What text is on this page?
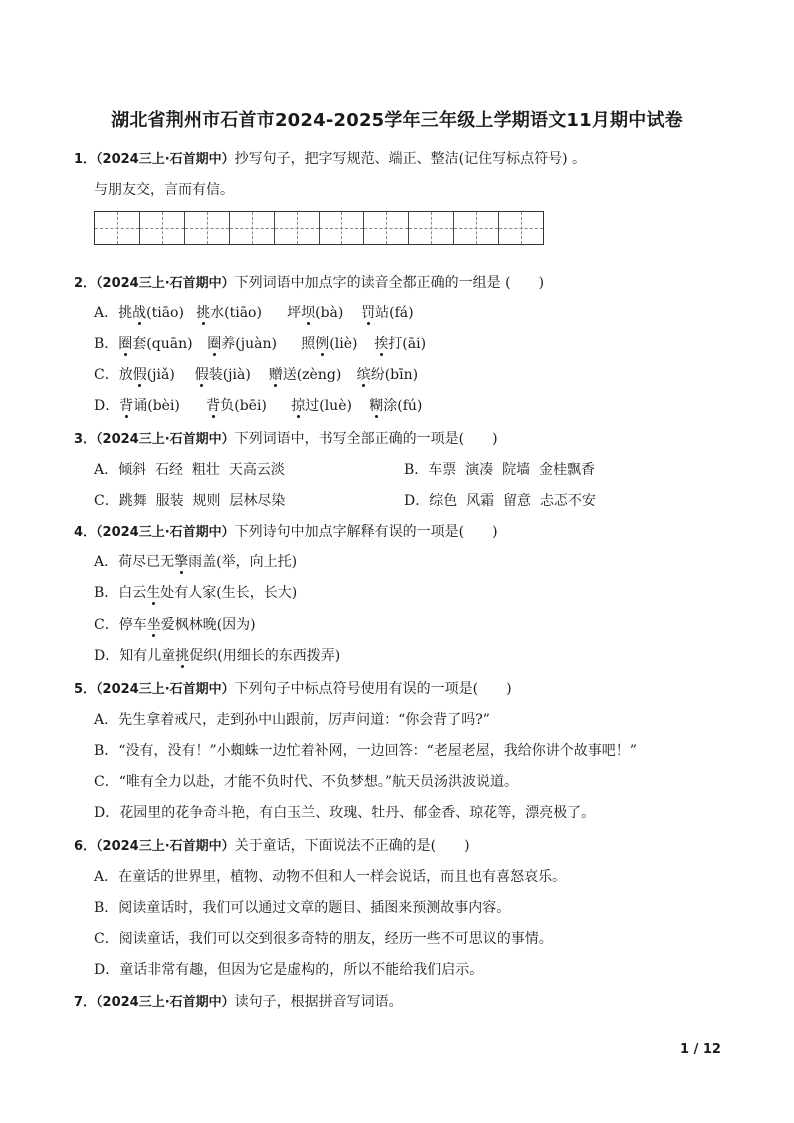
湖北省荆州市石首市2024-2025学年三年级上学期语文11月期中试卷
1．（2024三上·石首期中）抄写句子，把字写规范、端正、整洁(记住写标点符号) 。
与朋友交，言而有信。
2．（2024三上·石首期中）下列词语中加点字的读音全都正确的一组是 (　　)
A．挑战(tiāo) 挑水(tiāo) 坪坝(bà) 罚站(fá)
B．圈套(quān) 圈养(juàn) 照例(liè) 挨打(āi)
C．放假(jiǎ) 假装(jià) 赠送(zèng) 缤纷(bīn)
D．背诵(bèi) 背负(bēi) 掠过(luè) 糊涂(fú)
3．（2024三上·石首期中）下列词语中，书写全部正确的一项是(　　)
A．倾斜  石经  粗壮  天高云淡	B．车票  演凑  院墙  金桂飘香
C．跳舞  服装  规则  层林尽染	D．综色  风霜  留意  忐忑不安
4．（2024三上·石首期中）下列诗句中加点字解释有误的一项是(　　)
A．荷尽已无擎雨盖(举，向上托)
B．白云生处有人家(生长，长大)
C．停车坐爱枫林晚(因为)
D．知有儿童挑促织(用细长的东西拨弄)
5．（2024三上·石首期中）下列句子中标点符号使用有误的一项是(　　)
A．先生拿着戒尺，走到孙中山跟前，厉声问道：“你会背了吗?”
B．“没有，没有！”小蜘蛛一边忙着补网，一边回答：“老屋老屋，我给你讲个故事吧！”
C．“唯有全力以赴，才能不负时代、不负梦想。”航天员汤洪波说道。
D．花园里的花争奇斗艳，有白玉兰、玫瑰、牡丹、郁金香、琼花等，漂亮极了。
6．（2024三上·石首期中）关于童话，下面说法不正确的是(　　)
A．在童话的世界里，植物、动物不但和人一样会说话，而且也有喜怒哀乐。
B．阅读童话时，我们可以通过文章的题目、插图来预测故事内容。
C．阅读童话，我们可以交到很多奇特的朋友，经历一些不可思议的事情。
D．童话非常有趣，但因为它是虚构的，所以不能给我们启示。
7．（2024三上·石首期中）读句子，根据拼音写词语。
1 / 12
